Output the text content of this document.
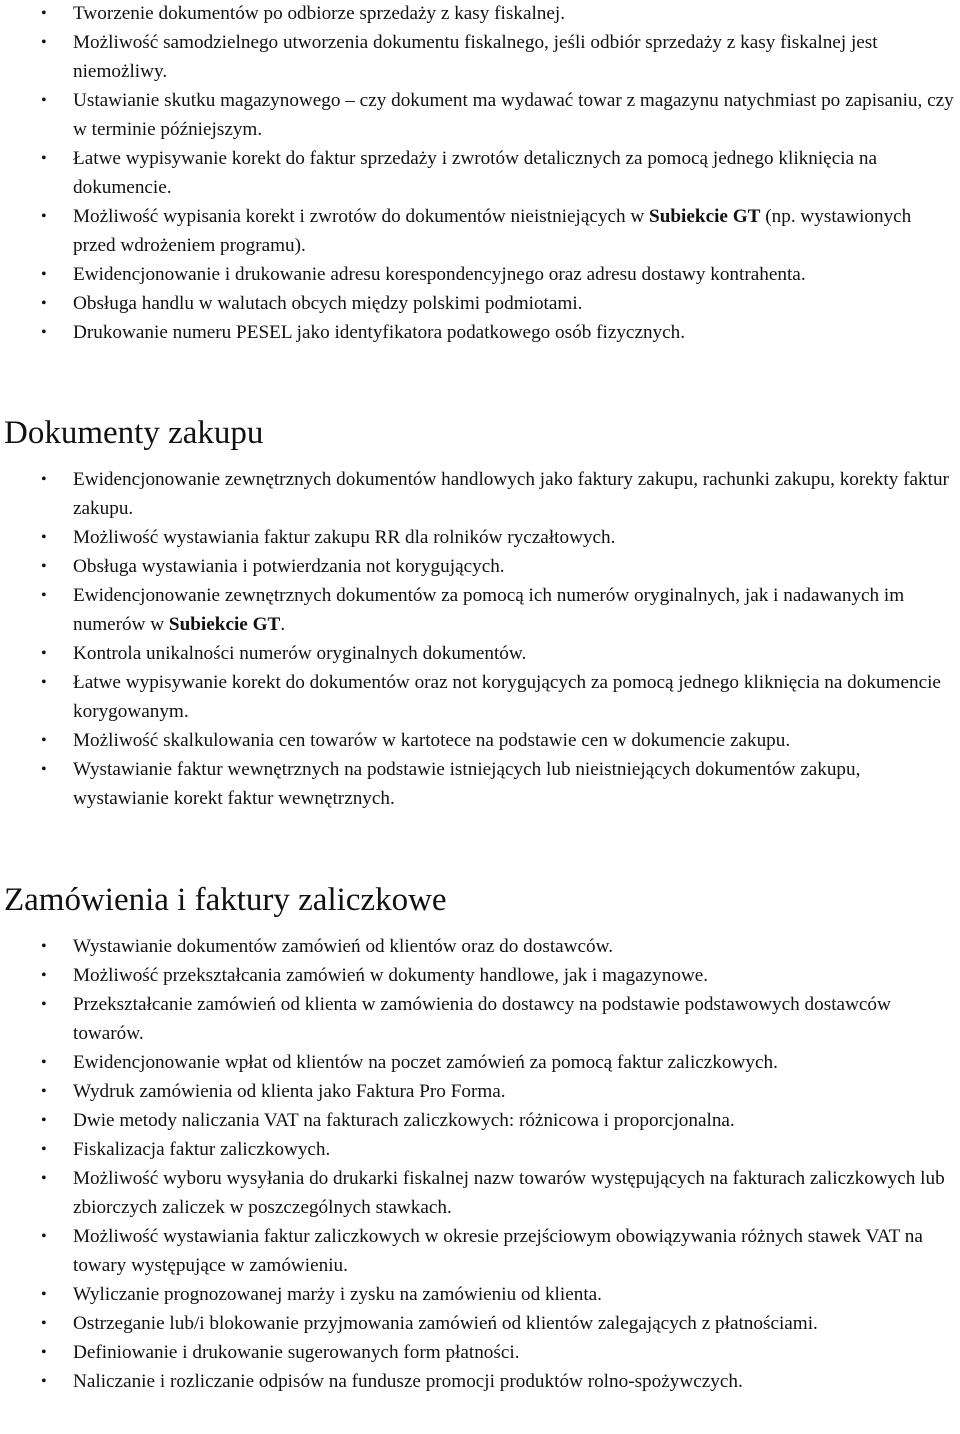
• Tworzenie dokumentów po odbiorze sprzedaży z kasy fiskalnej.
• Możliwość samodzielnego utworzenia dokumentu fiskalnego, jeśli odbiór sprzedaży z kasy fiskalnej jest niemożliwy.
• Ustawianie skutku magazynowego – czy dokument ma wydawać towar z magazynu natychmiast po zapisaniu, czy w terminie późniejszym.
• Łatwe wypisywanie korekt do faktur sprzedaży i zwrotów detalicznych za pomocą jednego kliknięcia na dokumencie.
• Możliwość wypisania korekt i zwrotów do dokumentów nieistniejących w Subiekcie GT (np. wystawionych przed wdrożeniem programu).
• Ewidencjonowanie i drukowanie adresu korespondencyjnego oraz adresu dostawy kontrahenta.
• Obsługa handlu w walutach obcych między polskimi podmiotami.
• Drukowanie numeru PESEL jako identyfikatora podatkowego osób fizycznych.
Dokumenty zakupu
• Ewidencjonowanie zewnętrznych dokumentów handlowych jako faktury zakupu, rachunki zakupu, korekty faktur zakupu.
• Możliwość wystawiania faktur zakupu RR dla rolników ryczałtowych.
• Obsługa wystawiania i potwierdzania not korygujących.
• Ewidencjonowanie zewnętrznych dokumentów za pomocą ich numerów oryginalnych, jak i nadawanych im numerów w Subiekcie GT.
• Kontrola unikalności numerów oryginalnych dokumentów.
• Łatwe wypisywanie korekt do dokumentów oraz not korygujących za pomocą jednego kliknięcia na dokumencie korygowanym.
• Możliwość skalkulowania cen towarów w kartotece na podstawie cen w dokumencie zakupu.
• Wystawianie faktur wewnętrznych na podstawie istniejących lub nieistniejących dokumentów zakupu, wystawianie korekt faktur wewnętrznych.
Zamówienia i faktury zaliczkowe
• Wystawianie dokumentów zamówień od klientów oraz do dostawców.
• Możliwość przekształcania zamówień w dokumenty handlowe, jak i magazynowe.
• Przekształcanie zamówień od klienta w zamówienia do dostawcy na podstawie podstawowych dostawców towarów.
• Ewidencjonowanie wpłat od klientów na poczet zamówień za pomocą faktur zaliczkowych.
• Wydruk zamówienia od klienta jako Faktura Pro Forma.
• Dwie metody naliczania VAT na fakturach zaliczkowych: różnicowa i proporcjonalna.
• Fiskalizacja faktur zaliczkowych.
• Możliwość wyboru wysyłania do drukarki fiskalnej nazw towarów występujących na fakturach zaliczkowych lub zbiorczych zaliczek w poszczególnych stawkach.
• Możliwość wystawiania faktur zaliczkowych w okresie przejściowym obowiązywania różnych stawek VAT na towary występujące w zamówieniu.
• Wyliczanie prognozowanej marży i zysku na zamówieniu od klienta.
• Ostrzeganie lub/i blokowanie przyjmowania zamówień od klientów zalegających z płatnościami.
• Definiowanie i drukowanie sugerowanych form płatności.
• Naliczanie i rozliczanie odpisów na fundusze promocji produktów rolno-spożywczych.
